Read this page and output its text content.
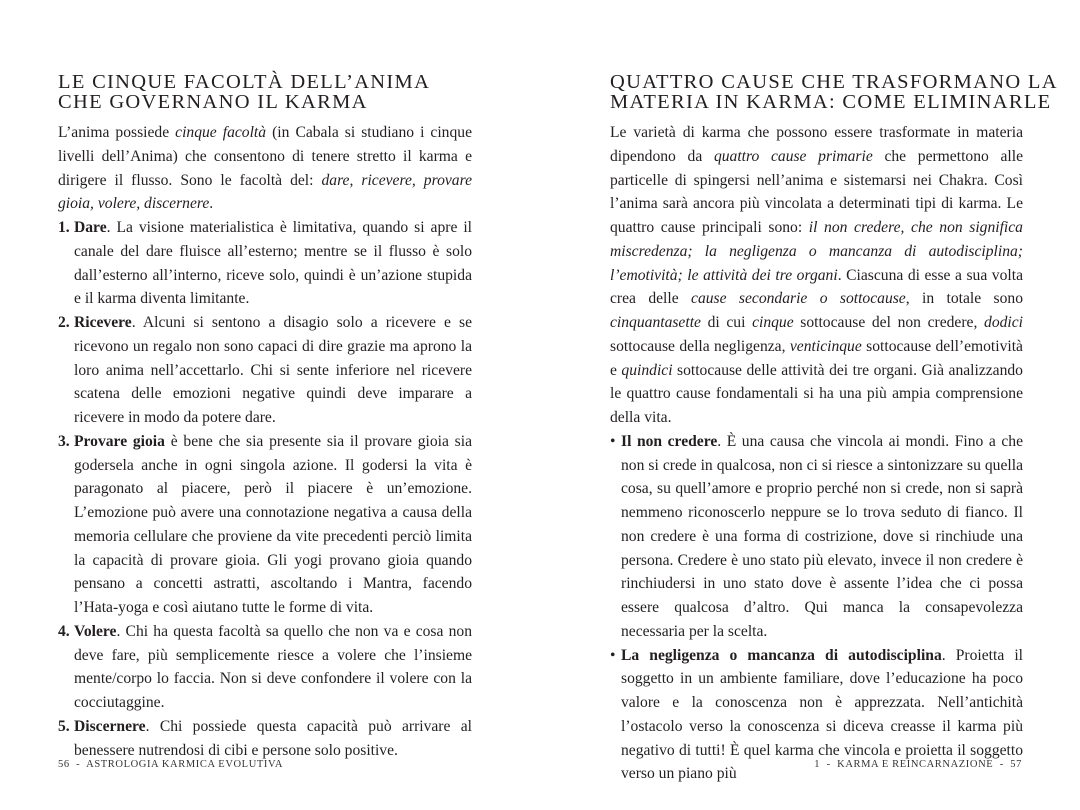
LE CINQUE FACOLTÀ DELL’ANIMA
CHE GOVERNANO IL KARMA

L’anima possiede cinque facoltà (in Cabala si studiano i cinque livelli dell’Anima) che consentono di tenere stretto il karma e dirigere il flusso. Sono le facoltà del: dare, ricevere, provare gioia, volere, discernere.

1. Dare. La visione materialistica è limitativa, quando si apre il canale del dare fluisce all’esterno; mentre se il flusso è solo dall’esterno all’interno, riceve solo, quindi è un’azione stupida e il karma diventa limitante.
2. Ricevere. Alcuni si sentono a disagio solo a ricevere e se ricevono un regalo non sono capaci di dire grazie ma aprono la loro anima nell’accettarlo. Chi si sente inferiore nel ricevere scatena delle emozioni negative quindi deve imparare a ricevere in modo da potere dare.
3. Provare gioia è bene che sia presente sia il provare gioia sia godersela anche in ogni singola azione. Il godersi la vita è paragonato al piacere, però il piacere è un’emozione. L’emozione può avere una connotazione negativa a causa della memoria cellulare che proviene da vite precedenti perciò limita la capacità di provare gioia. Gli yogi provano gioia quando pensano a concetti astratti, ascoltando i Mantra, facendo l’Hata-yoga e così aiutano tutte le forme di vita.
4. Volere. Chi ha questa facoltà sa quello che non va e cosa non deve fare, più semplicemente riesce a volere che l’insieme mente/corpo lo faccia. Non si deve confondere il volere con la cocciutaggine.
5. Discernere. Chi possiede questa capacità può arrivare al benessere nutrendosi di cibi e persone solo positive.
56 - ASTROLOGIA KARMICA EVOLUTIVA
QUATTRO CAUSE CHE TRASFORMANO LA
MATERIA IN KARMA: COME ELIMINARLE

Le varietà di karma che possono essere trasformate in materia dipendono da quattro cause primarie che permettono alle particelle di spingersi nell’anima e sistemarsi nei Chakra. Così l’anima sarà ancora più vincolata a determinati tipi di karma. Le quattro cause principali sono: il non credere, che non significa miscredenza; la negligenza o mancanza di autodisciplina; l’emotività; le attività dei tre organi. Ciascuna di esse a sua volta crea delle cause secondarie o sottocause, in totale sono cinquantasette di cui cinque sottocause del non credere, dodici sottocause della negligenza, venticinque sottocause dell’emotività e quindici sottocause delle attività dei tre organi. Già analizzando le quattro cause fondamentali si ha una più ampia comprensione della vita.

• Il non credere. È una causa che vincola ai mondi. Fino a che non si crede in qualcosa, non ci si riesce a sintonizzare su quella cosa, su quell’amore e proprio perché non si crede, non si saprà nemmeno riconoscerlo neppure se lo trova seduto di fianco. Il non credere è una forma di costrizione, dove si rinchiude una persona. Credere è uno stato più elevato, invece il non credere è rinchiudersi in uno stato dove è assente l’idea che ci possa essere qualcosa d’altro. Qui manca la consapevolezza necessaria per la scelta.
• La negligenza o mancanza di autodisciplina. Proietta il soggetto in un ambiente familiare, dove l’educazione ha poco valore e la conoscenza non è apprezzata. Nell’antichità l’ostacolo verso la conoscenza si diceva creasse il karma più negativo di tutti! È quel karma che vincola e proietta il soggetto verso un piano più
1 - KARMA E REINCARNAZIONE - 57
